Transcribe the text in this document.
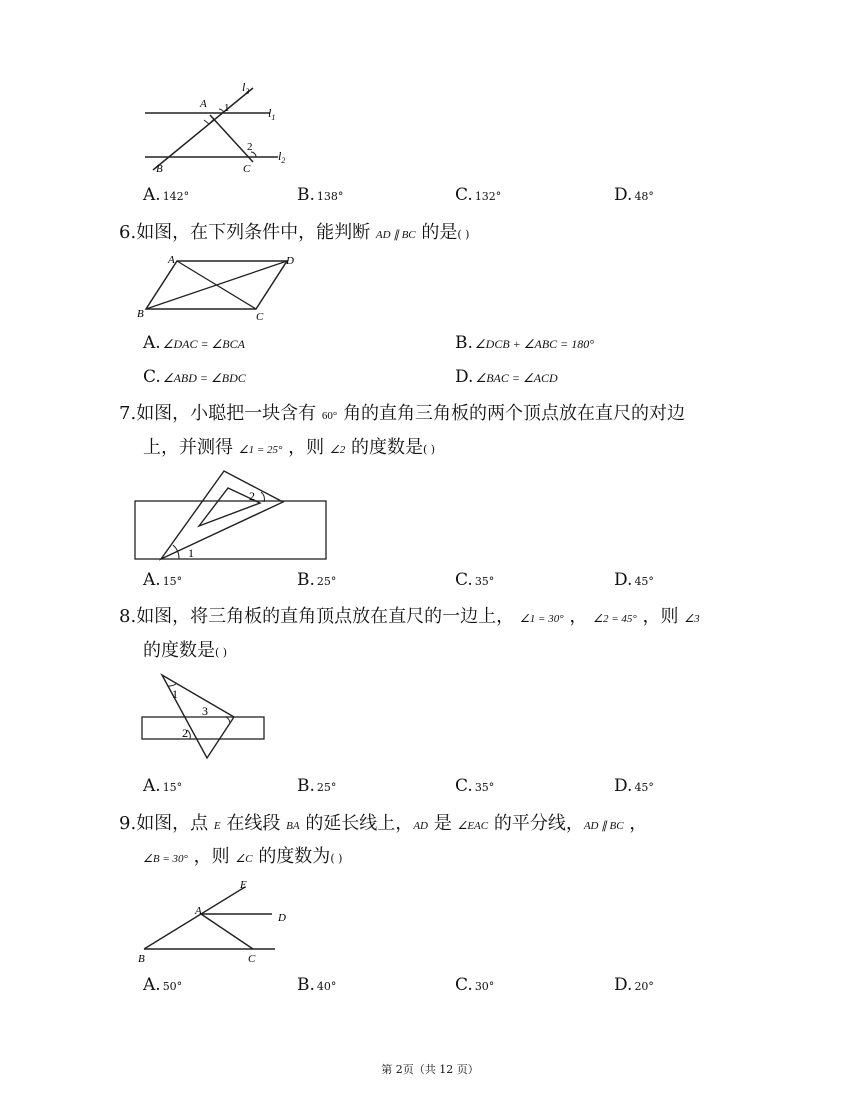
$l_3$
$l_1$
$l_2$
A 1
2
B	C
A. 142°	B. 138°	C. 132°	D. 48°
6.如图，在下列条件中，能判断 AD ∥ BC 的是( )
A	D
B	C
A. ∠DAC = ∠BCA	B. ∠DCB + ∠ABC = 180°
C. ∠ABD = ∠BDC	D. ∠BAC = ∠ACD
7.如图，小聪把一块含有 60° 角的直角三角板的两个顶点放在直尺的对边
上，并测得 ∠1 = 25° ，则 ∠2 的度数是( )
1
2
A. 15°	B. 25°	C. 35°	D. 45°
8.如图，将三角板的直角顶点放在直尺的一边上， ∠1 = 30° ， ∠2 = 45° ，则 ∠3
的度数是( )
1
3
2
A. 15°	B. 25°	C. 35°	D. 45°
9.如图，点 E 在线段 BA 的延长线上，AD 是 ∠EAC 的平分线，AD ∥ BC ，
∠B = 30° ，则 ∠C 的度数为( )
E
A
D
B	C
A. 50°	B. 40°	C. 30°	D. 20°
第 2页（共 12 页）
